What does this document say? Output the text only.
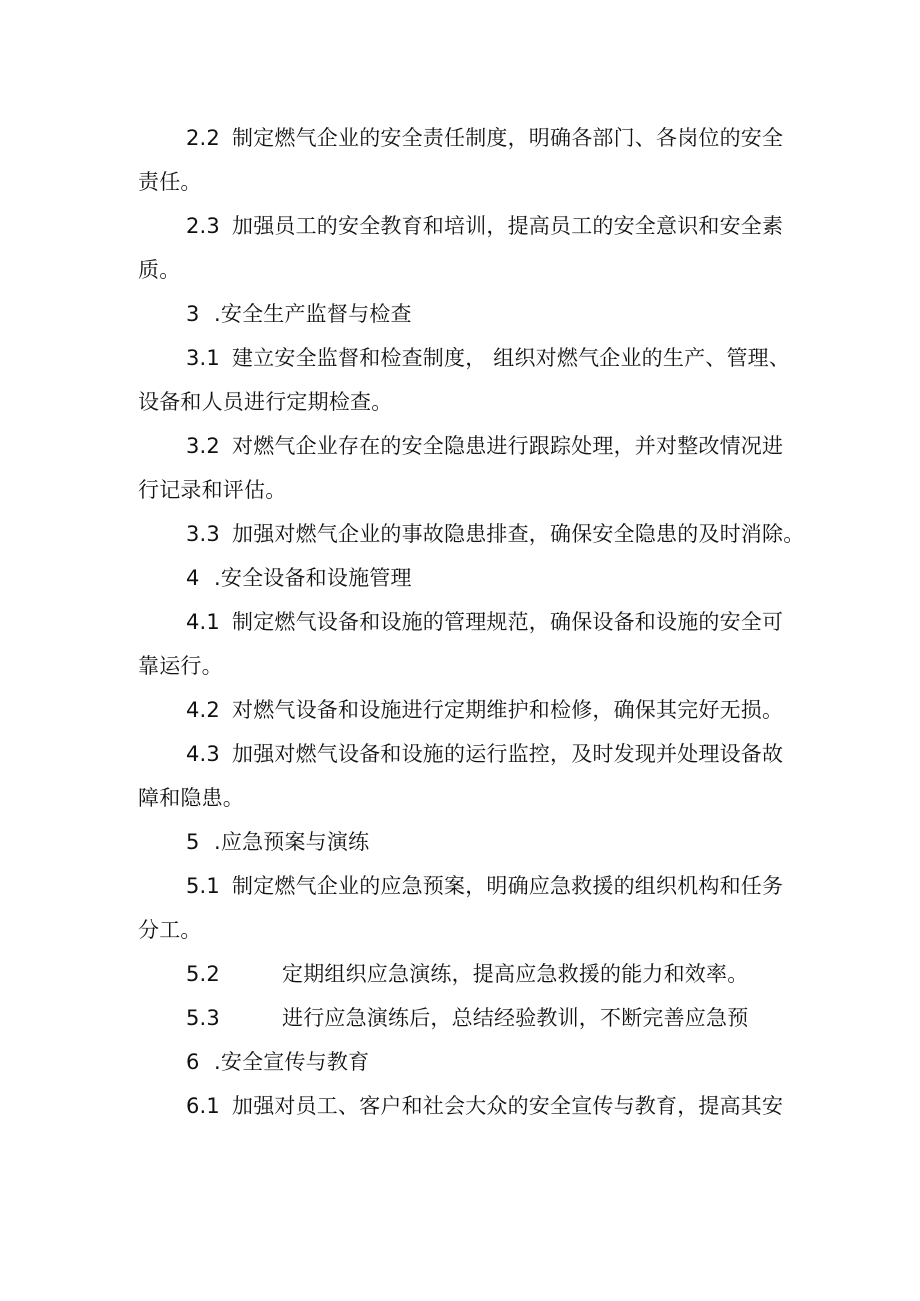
2.2 制定燃气企业的安全责任制度，明确各部门、各岗位的安全
责任。
2.3 加强员工的安全教育和培训，提高员工的安全意识和安全素
质。
3 .安全生产监督与检查
3.1 建立安全监督和检查制度， 组织对燃气企业的生产、管理、
设备和人员进行定期检查。
3.2 对燃气企业存在的安全隐患进行跟踪处理，并对整改情况进
行记录和评估。
3.3 加强对燃气企业的事故隐患排查，确保安全隐患的及时消除。
4 .安全设备和设施管理
4.1 制定燃气设备和设施的管理规范，确保设备和设施的安全可
靠运行。
4.2 对燃气设备和设施进行定期维护和检修，确保其完好无损。
4.3 加强对燃气设备和设施的运行监控，及时发现并处理设备故
障和隐患。
5 .应急预案与演练
5.1 制定燃气企业的应急预案，明确应急救援的组织机构和任务
分工。
5.2	定期组织应急演练，提高应急救援的能力和效率。
5.3	进行应急演练后，总结经验教训，不断完善应急预
6 .安全宣传与教育
6.1 加强对员工、客户和社会大众的安全宣传与教育，提高其安
